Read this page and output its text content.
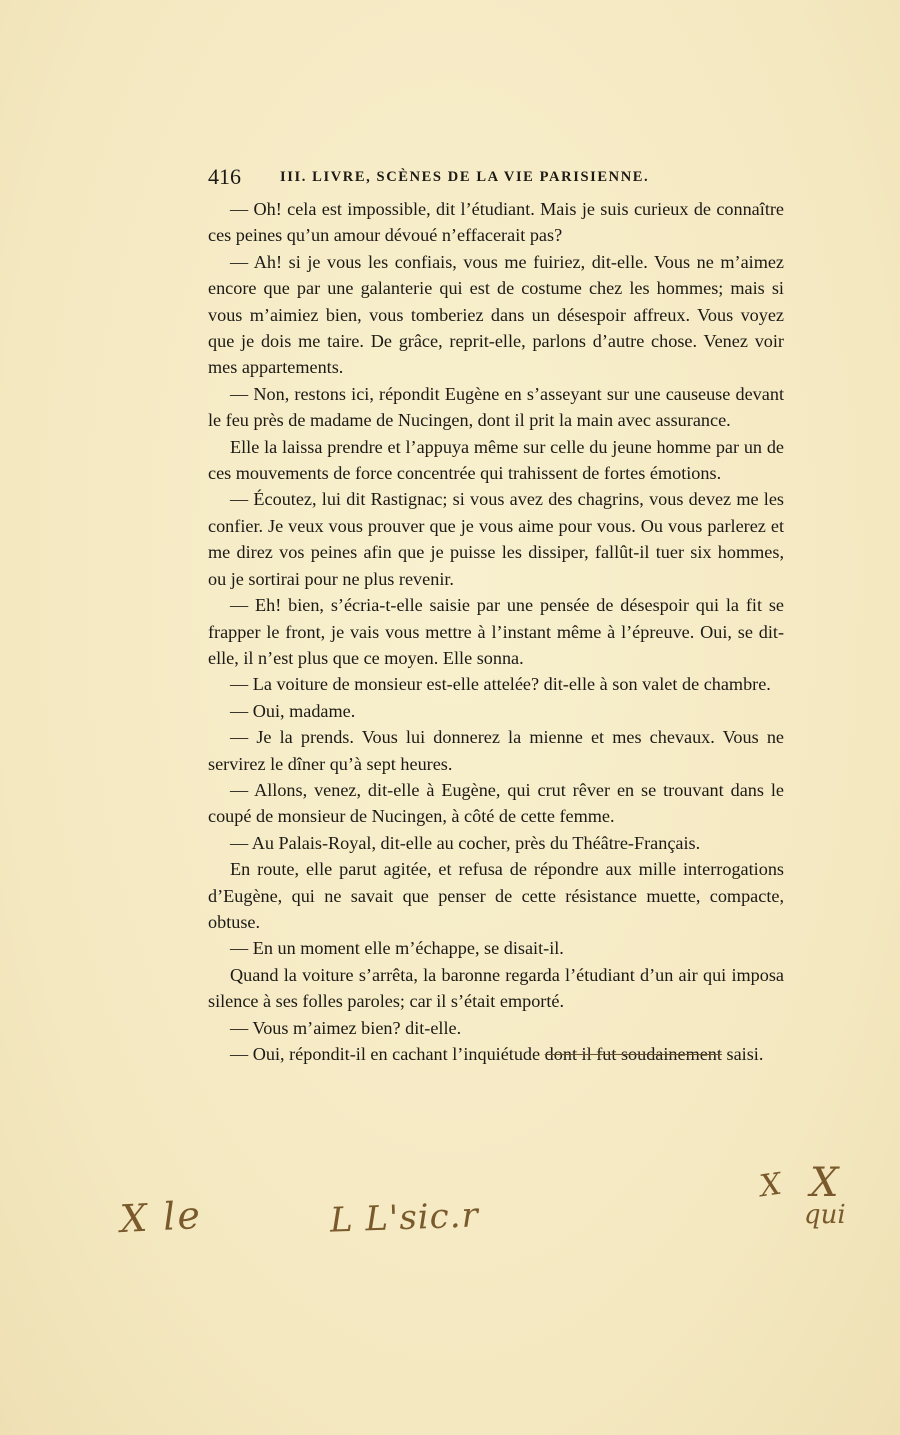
416	III. LIVRE, SCÈNES DE LA VIE PARISIENNE.

— Oh! cela est impossible, dit l’étudiant. Mais je suis curieux de connaître ces peines qu’un amour dévoué n’effacerait pas?

— Ah! si je vous les confiais, vous me fuiriez, dit-elle. Vous ne m’aimez encore que par une galanterie qui est de costume chez les hommes; mais si vous m’aimiez bien, vous tomberiez dans un désespoir affreux. Vous voyez que je dois me taire. De grâce, reprit-elle, parlons d’autre chose. Venez voir mes appartements.

— Non, restons ici, répondit Eugène en s’asseyant sur une causeuse devant le feu près de madame de Nucingen, dont il prit la main avec assurance.

Elle la laissa prendre et l’appuya même sur celle du jeune homme par un de ces mouvements de force concentrée qui trahissent de fortes émotions.

— Écoutez, lui dit Rastignac; si vous avez des chagrins, vous devez me les confier. Je veux vous prouver que je vous aime pour vous. Ou vous parlerez et me direz vos peines afin que je puisse les dissiper, fallût-il tuer six hommes, ou je sortirai pour ne plus revenir.

— Eh! bien, s’écria-t-elle saisie par une pensée de désespoir qui la fit se frapper le front, je vais vous mettre à l’instant même à l’épreuve. Oui, se dit-elle, il n’est plus que ce moyen. Elle sonna.

— La voiture de monsieur est-elle attelée? dit-elle à son valet de chambre.

— Oui, madame.

— Je la prends. Vous lui donnerez la mienne et mes chevaux. Vous ne servirez le dîner qu’à sept heures.

— Allons, venez, dit-elle à Eugène, qui crut rêver en se trouvant dans le coupé de monsieur de Nucingen, à côté de cette femme.

— Au Palais-Royal, dit-elle au cocher, près du Théâtre-Français.

En route, elle parut agitée, et refusa de répondre aux mille interrogations d’Eugène, qui ne savait que penser de cette résistance muette, compacte, obtuse.

— En un moment elle m’échappe, se disait-il.

Quand la voiture s’arrêta, la baronne regarda l’étudiant d’un air qui imposa silence à ses folles paroles; car il s’était emporté.

— Vous m’aimez bien? dit-elle.

— Oui, répondit-il en cachant l’inquiétude dont il fut soudainement saisi.

X le	L L'sic.r
X X
qui
